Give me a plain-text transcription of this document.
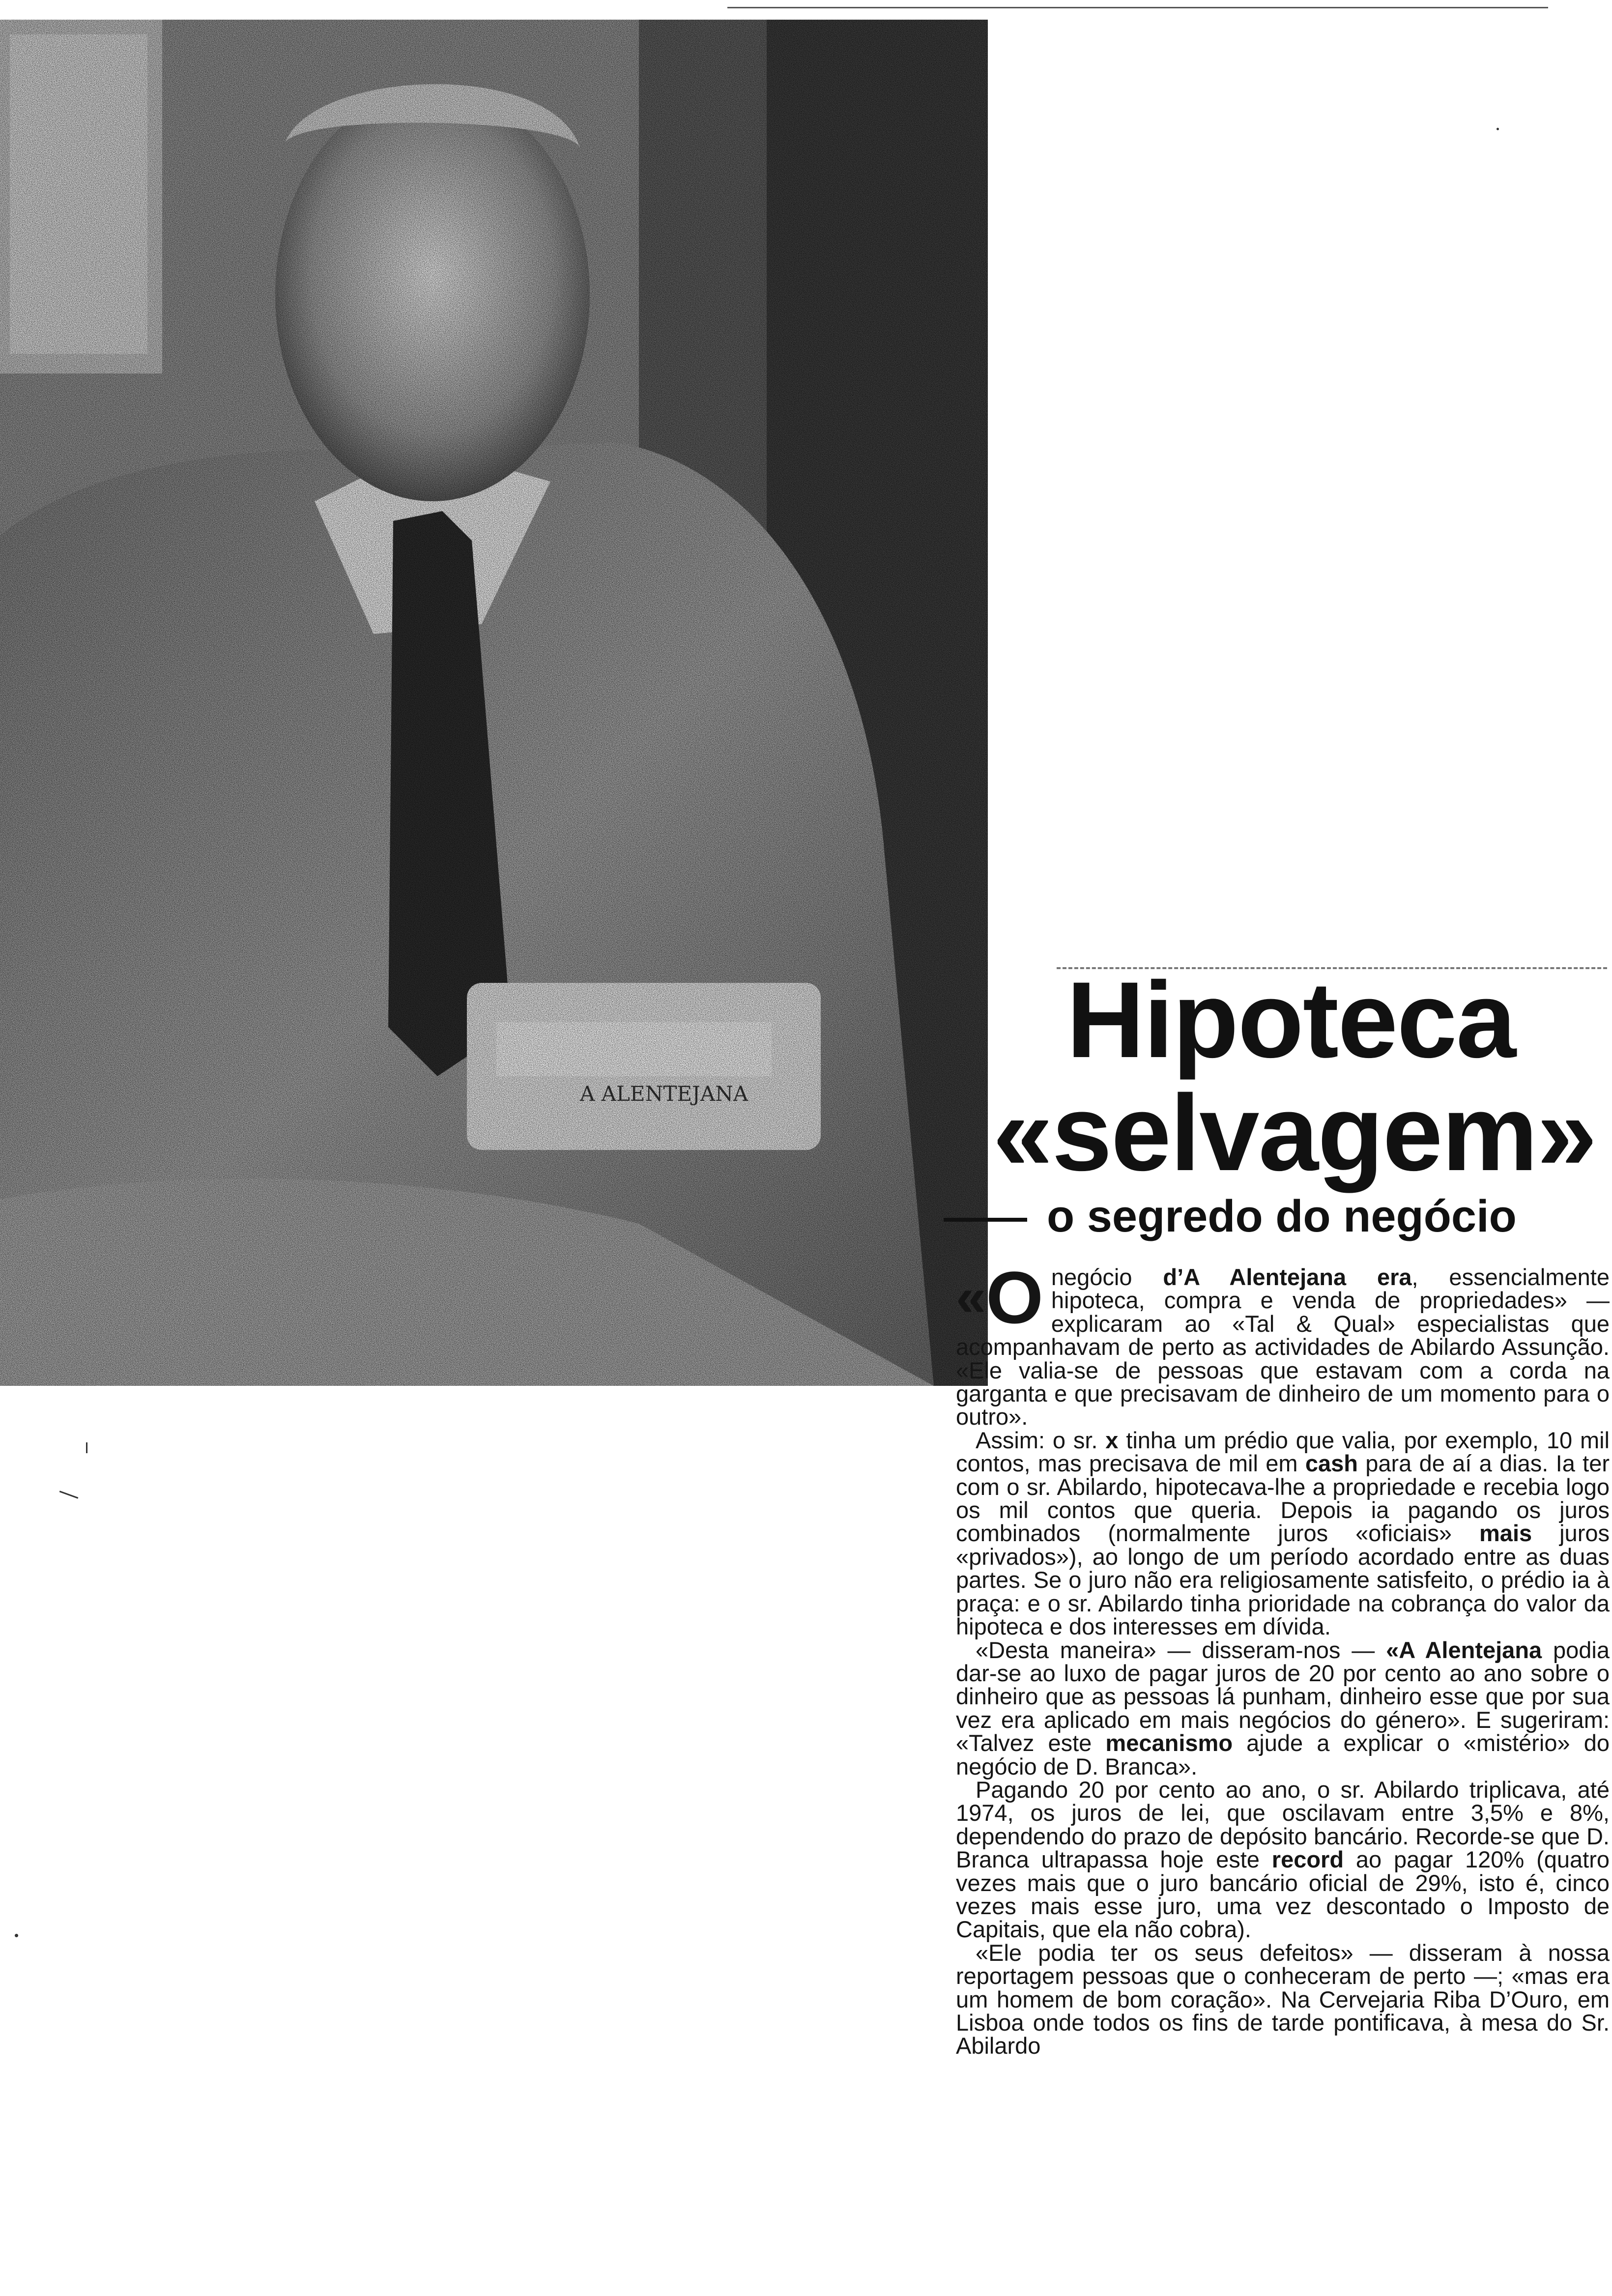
Hipoteca
«selvagem»
o segredo do negócio

«O negócio d’A Alentejana era, essencialmente hipoteca, compra e venda de propriedades» — explicaram ao «Tal & Qual» especialistas que acompanhavam de perto as actividades de Abilardo Assunção. «Ele valia-se de pessoas que estavam com a corda na garganta e que precisavam de dinheiro de um momento para o outro».

Assim: o sr. x tinha um prédio que valia, por exemplo, 10 mil contos, mas precisava de mil em cash para de aí a dias. Ia ter com o sr. Abilardo, hipotecava-lhe a propriedade e recebia logo os mil contos que queria. Depois ia pagando os juros combinados (normalmente juros «oficiais» mais juros «privados»), ao longo de um período acordado entre as duas partes. Se o juro não era religiosamente satisfeito, o prédio ia à praça: e o sr. Abilardo tinha prioridade na cobrança do valor da hipoteca e dos interesses em dívida.

«Desta maneira» — disseram-nos — «A Alentejana podia dar-se ao luxo de pagar juros de 20 por cento ao ano sobre o dinheiro que as pessoas lá punham, dinheiro esse que por sua vez era aplicado em mais negócios do género». E sugeriram: «Talvez este mecanismo ajude a explicar o «mistério» do negócio de D. Branca».

Pagando 20 por cento ao ano, o sr. Abilardo triplicava, até 1974, os juros de lei, que oscilavam entre 3,5% e 8%, dependendo do prazo de depósito bancário. Recorde-se que D. Branca ultrapassa hoje este record ao pagar 120% (quatro vezes mais que o juro bancário oficial de 29%, isto é, cinco vezes mais esse juro, uma vez descontado o Imposto de Capitais, que ela não cobra).

«Ele podia ter os seus defeitos» — disseram à nossa reportagem pessoas que o conheceram de perto —; «mas era um homem de bom coração». Na Cervejaria Riba D’Ouro, em Lisboa onde todos os fins de tarde pontificava, à mesa do Sr. Abilardo
